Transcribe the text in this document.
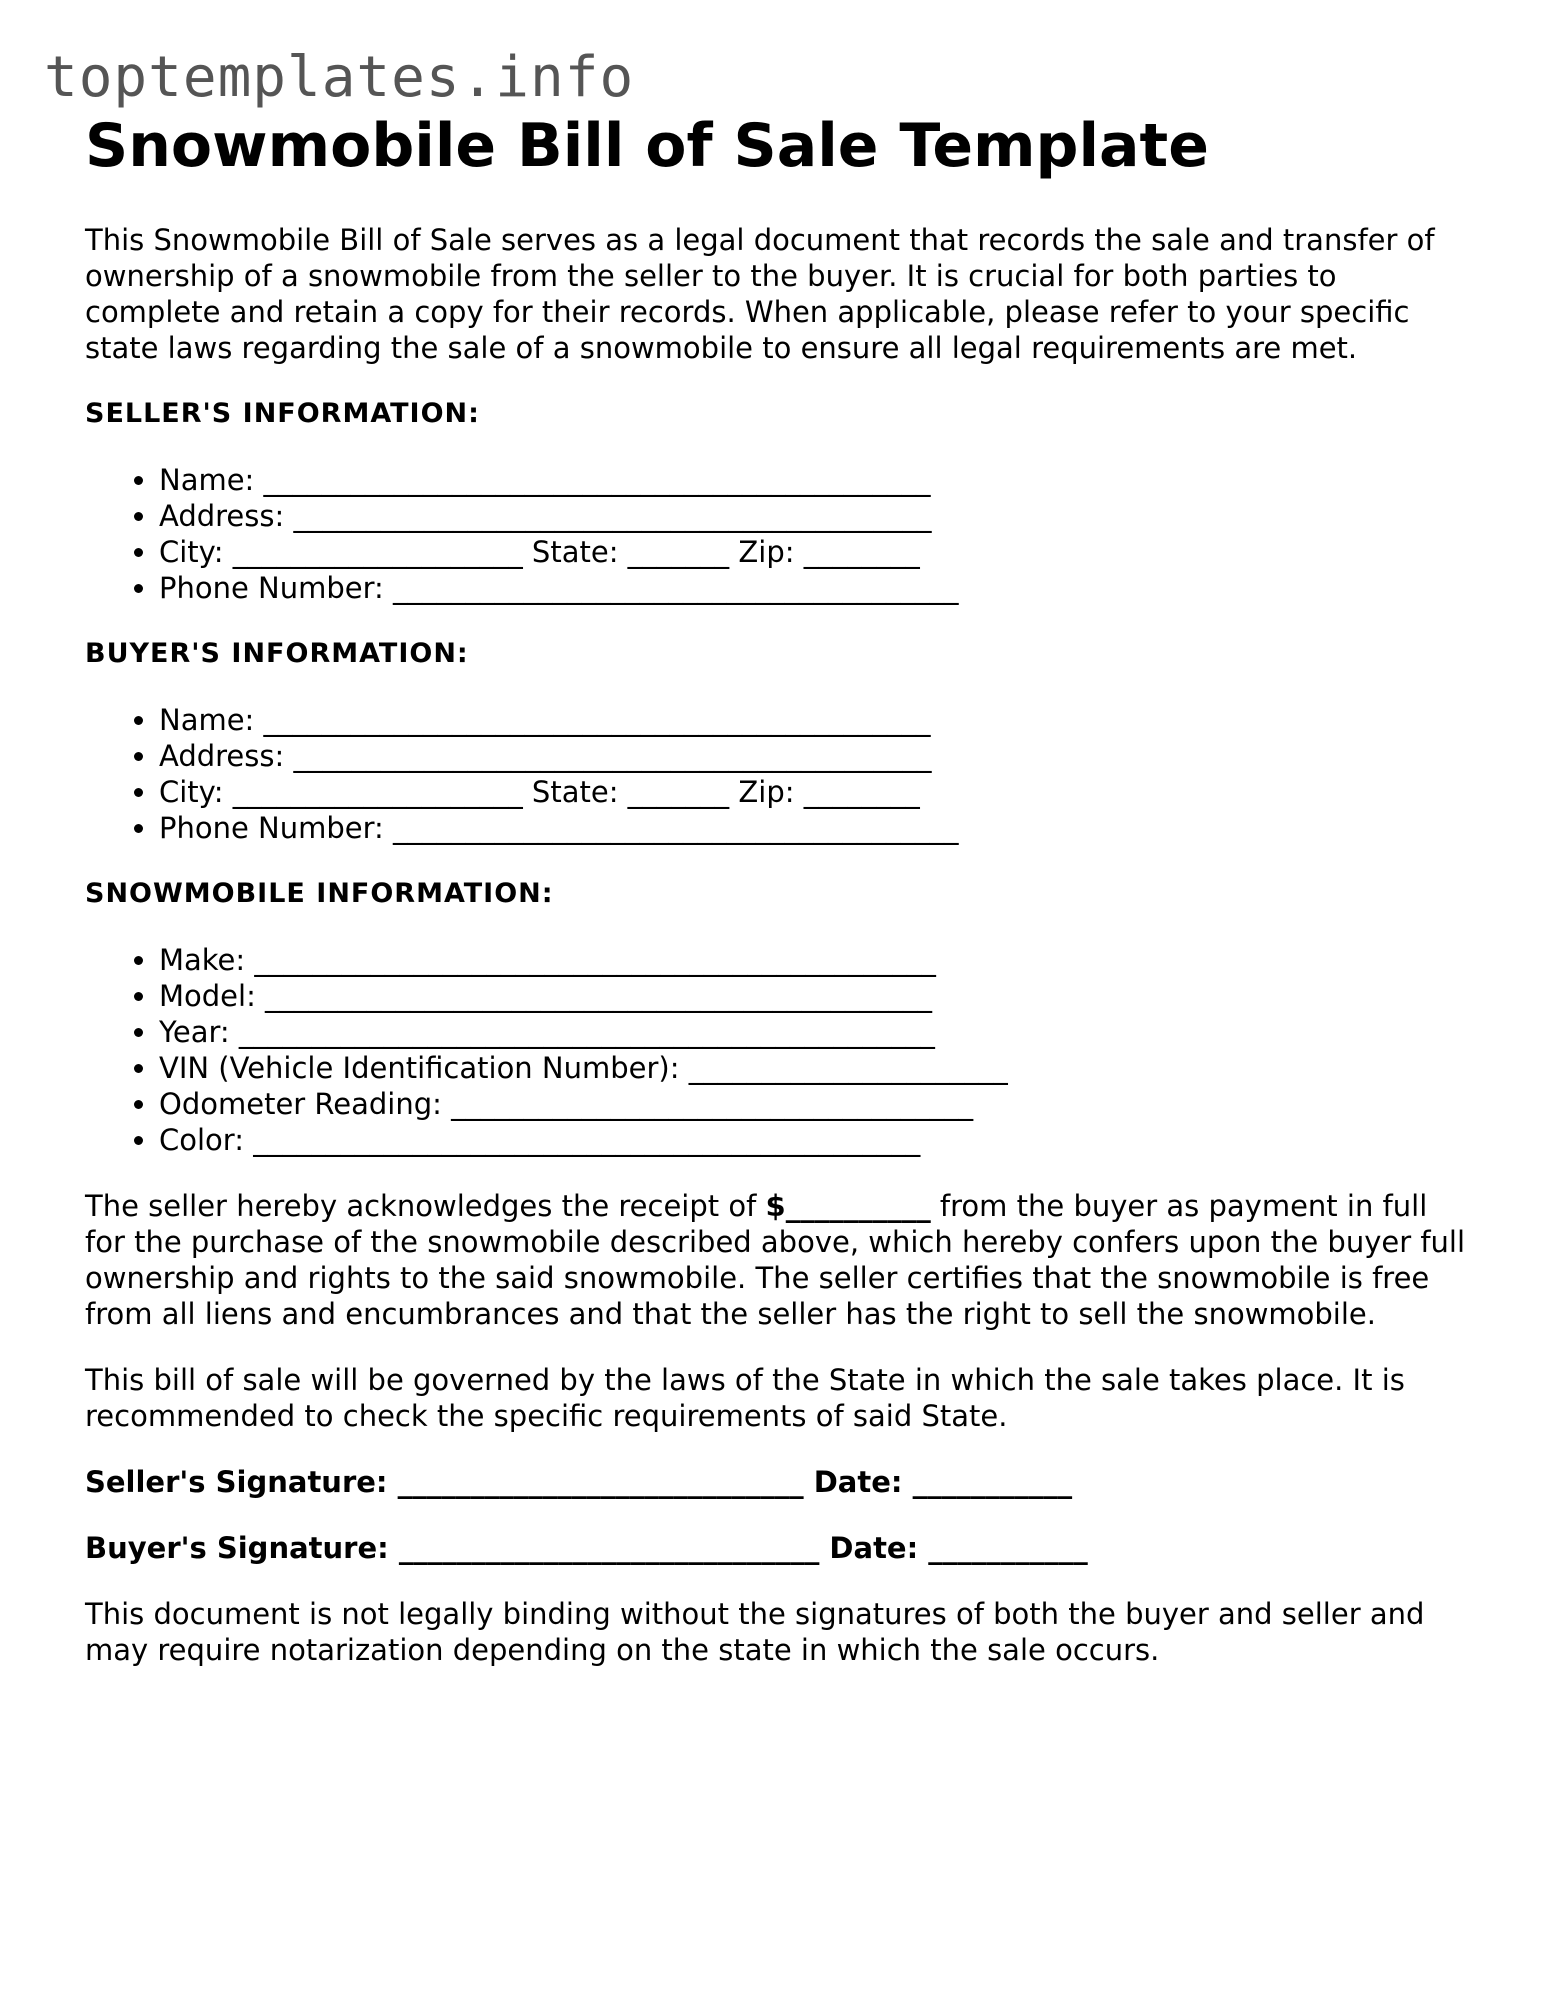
toptemplates.info
Snowmobile Bill of Sale Template

This Snowmobile Bill of Sale serves as a legal document that records the sale and transfer of ownership of a snowmobile from the seller to the buyer. It is crucial for both parties to complete and retain a copy for their records. When applicable, please refer to your specific state laws regarding the sale of a snowmobile to ensure all legal requirements are met.

SELLER'S INFORMATION:
• Name: ______________________________________________
• Address: ____________________________________________
• City: ____________________ State: _______ Zip: ________
• Phone Number: _______________________________________
BUYER'S INFORMATION:
• Name: ______________________________________________
• Address: ____________________________________________
• City: ____________________ State: _______ Zip: ________
• Phone Number: _______________________________________
SNOWMOBILE INFORMATION:
• Make: _______________________________________________
• Model: ______________________________________________
• Year: ________________________________________________
• VIN (Vehicle Identification Number): ______________________
• Odometer Reading: ____________________________________
• Color: ______________________________________________

The seller hereby acknowledges the receipt of $__________ from the buyer as payment in full for the purchase of the snowmobile described above, which hereby confers upon the buyer full ownership and rights to the said snowmobile. The seller certifies that the snowmobile is free from all liens and encumbrances and that the seller has the right to sell the snowmobile.

This bill of sale will be governed by the laws of the State in which the sale takes place. It is recommended to check the specific requirements of said State.

Seller's Signature: ____________________________ Date: ___________
Buyer's Signature: _____________________________ Date: ___________

This document is not legally binding without the signatures of both the buyer and seller and may require notarization depending on the state in which the sale occurs.
